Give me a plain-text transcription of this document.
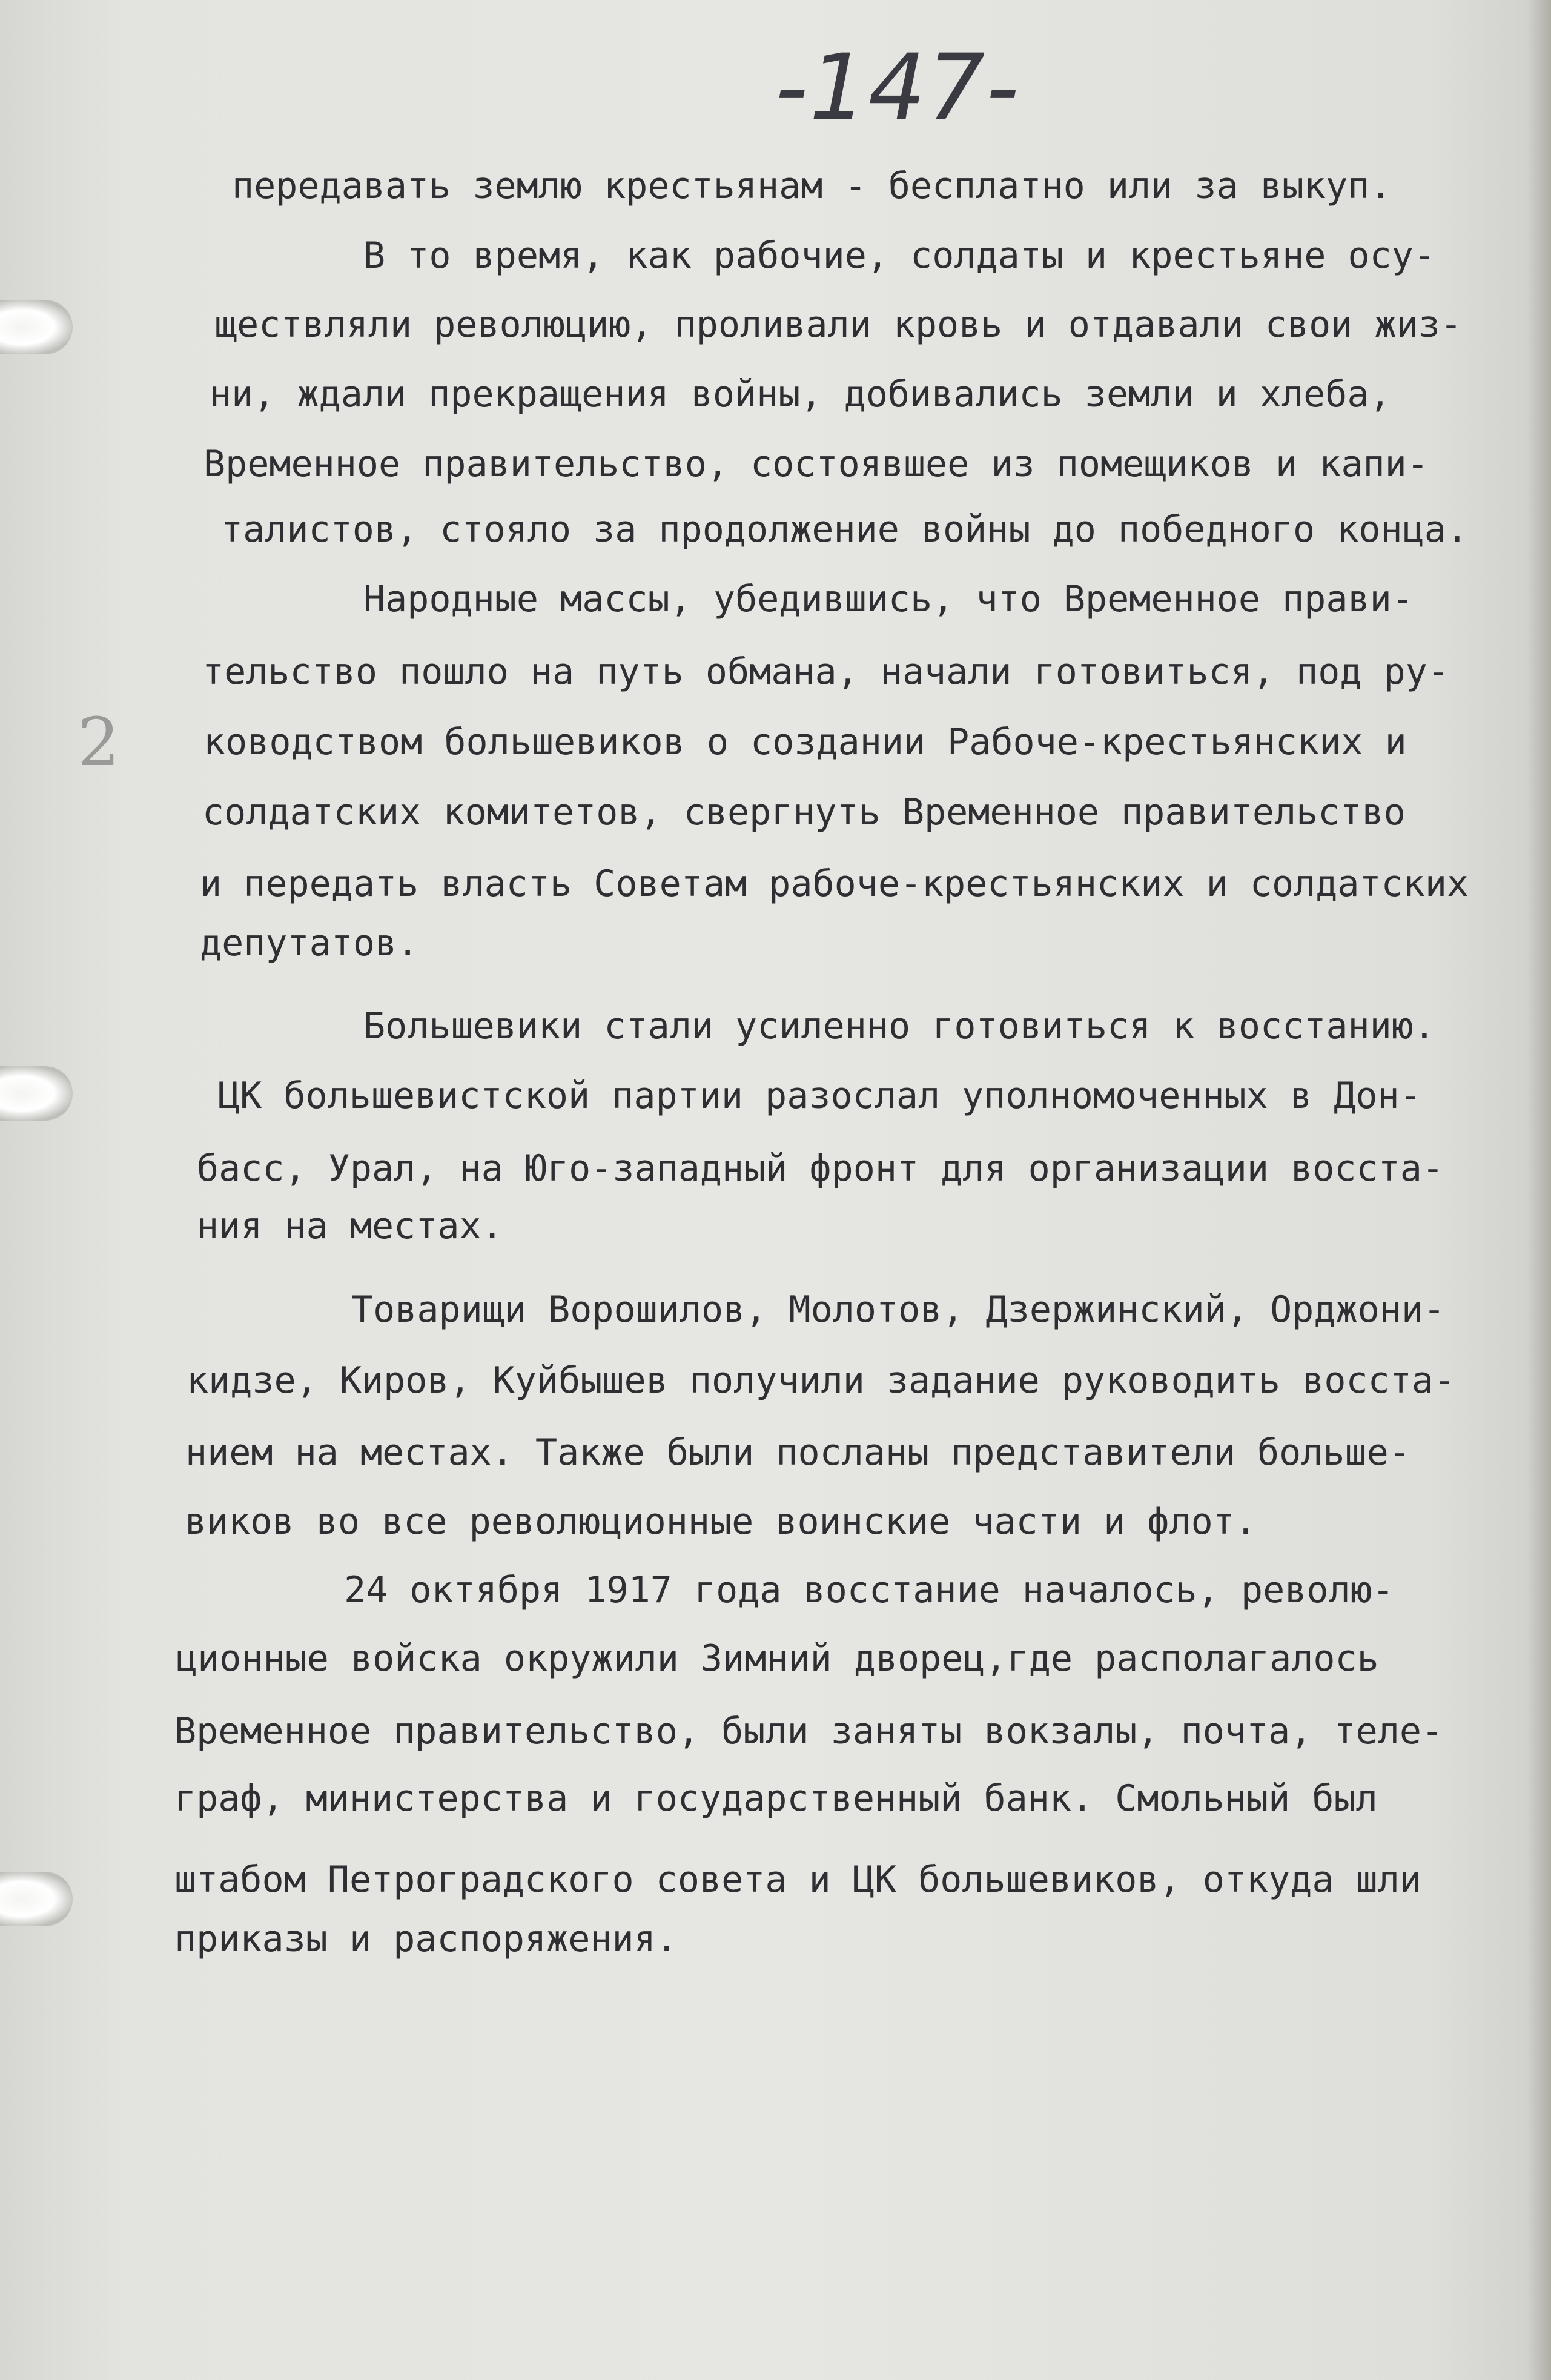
-147-
2
передавать землю крестьянам - бесплатно или за выкуп.
В то время, как рабочие, солдаты и крестьяне осу-
ществляли революцию, проливали кровь и отдавали свои жиз-
ни, ждали прекращения войны, добивались земли и хлеба,
Временное правительство, состоявшее из помещиков и капи-
талистов, стояло за продолжение войны до победного конца.
Народные массы, убедившись, что Временное прави-
тельство пошло на путь обмана, начали готовиться, под ру-
ководством большевиков о создании Рабоче-крестьянских и
солдатских комитетов, свергнуть Временное правительство
и передать власть Советам рабоче-крестьянских и солдатских
депутатов.
Большевики стали усиленно готовиться к восстанию.
ЦК большевистской партии разослал уполномоченных в Дон-
басс, Урал, на Юго-западный фронт для организации восста-
ния на местах.
Товарищи Ворошилов, Молотов, Дзержинский, Орджони-
кидзе, Киров, Куйбышев получили задание руководить восста-
нием на местах. Также были посланы представители больше-
виков во все революционные воинские части и флот.
24 октября 1917 года восстание началось, револю-
ционные войска окружили Зимний дворец,где располагалось
Временное правительство, были заняты вокзалы, почта, теле-
граф, министерства и государственный банк. Смольный был
штабом Петроградского совета и ЦК большевиков, откуда шли
приказы и распоряжения.
